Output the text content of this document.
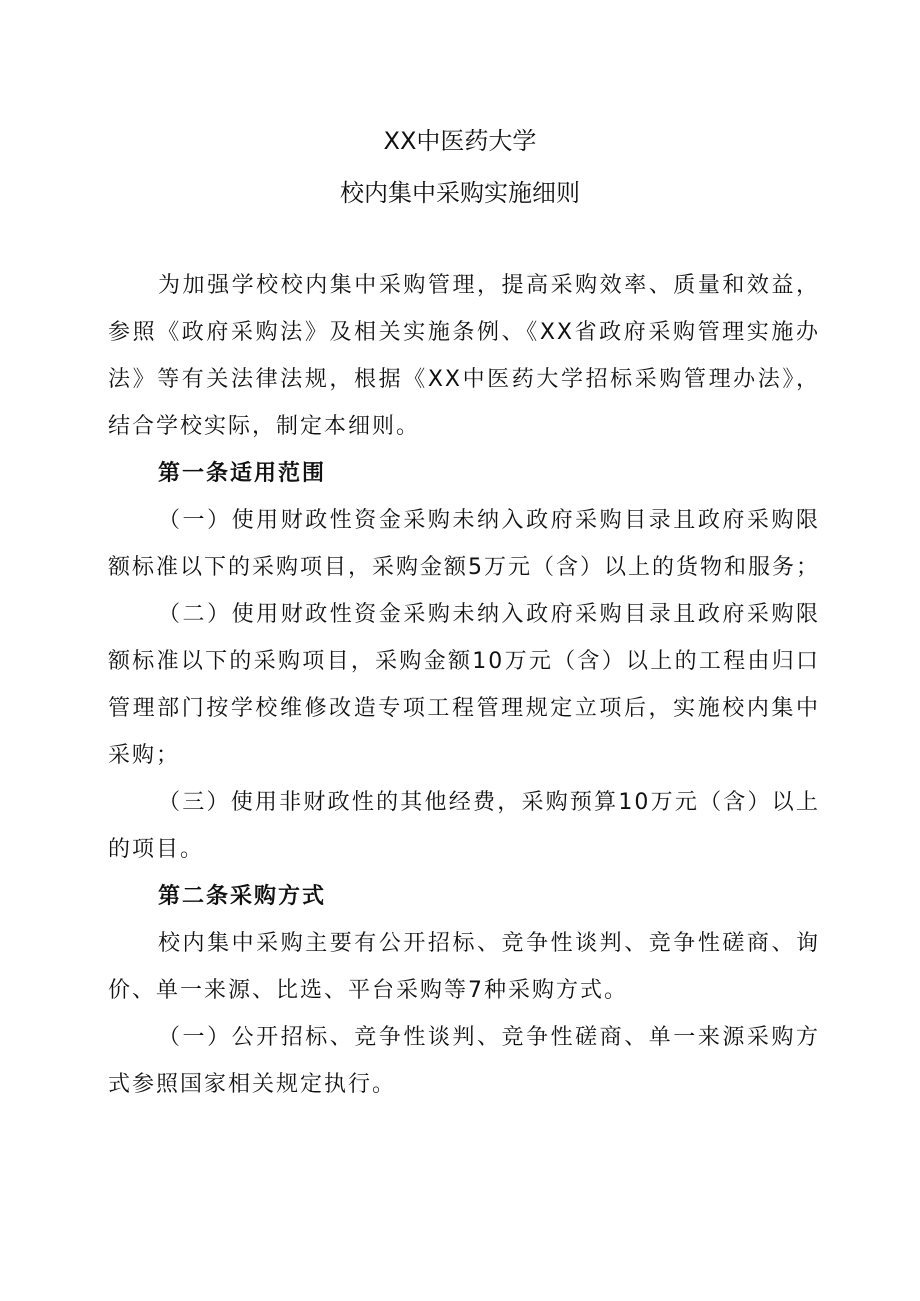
XX中医药大学
校内集中采购实施细则

为加强学校校内集中采购管理，提高采购效率、质量和效益，参照《政府采购法》及相关实施条例、《XX省政府采购管理实施办法》等有关法律法规，根据《XX中医药大学招标采购管理办法》，结合学校实际，制定本细则。

第一条适用范围

（一）使用财政性资金采购未纳入政府采购目录且政府采购限额标准以下的采购项目，采购金额5万元（含）以上的货物和服务；

（二）使用财政性资金采购未纳入政府采购目录且政府采购限额标准以下的采购项目，采购金额10万元（含）以上的工程由归口管理部门按学校维修改造专项工程管理规定立项后，实施校内集中采购；

（三）使用非财政性的其他经费，采购预算10万元（含）以上的项目。

第二条采购方式

校内集中采购主要有公开招标、竞争性谈判、竞争性磋商、询价、单一来源、比选、平台采购等7种采购方式。

（一）公开招标、竞争性谈判、竞争性磋商、单一来源采购方式参照国家相关规定执行。
